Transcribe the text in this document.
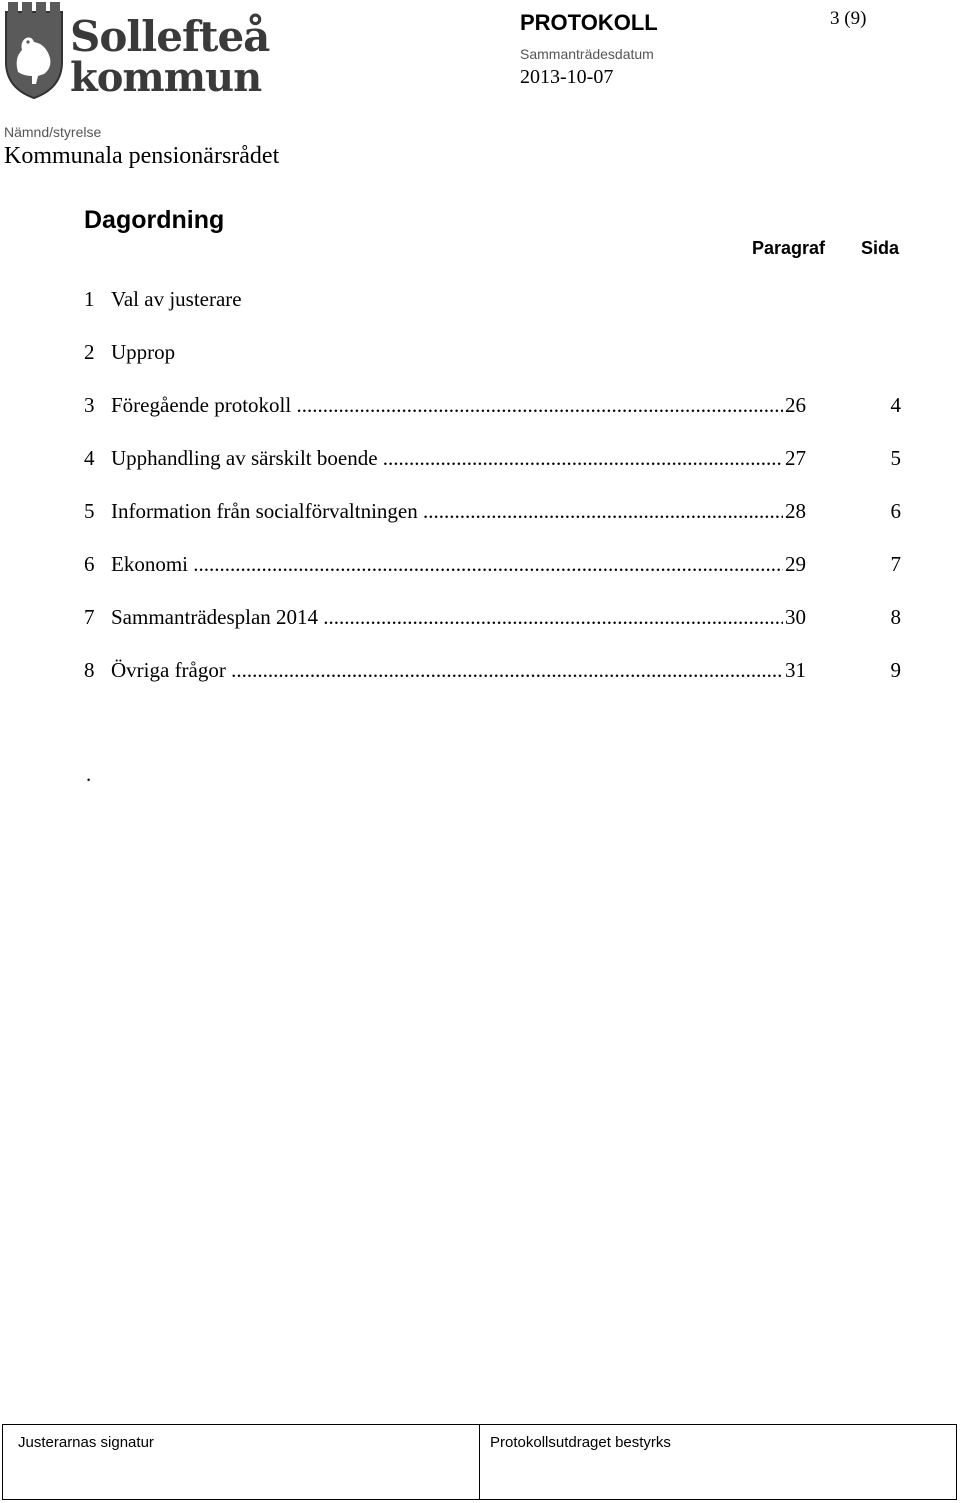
Sollefteå
kommun
PROTOKOLL
Sammanträdesdatum
2013-10-07
3 (9)
Nämnd/styrelse
Kommunala pensionärsrådet
Dagordning
Paragraf Sida
1 Val av justerare
2 Upprop
3 Föregående protokoll .....	26	4
4 Upphandling av särskilt boende .....	27	5
5 Information från socialförvaltningen .....	28	6
6 Ekonomi .....	29	7
7 Sammanträdesplan 2014 .....	30	8
8 Övriga frågor .....	31	9
.
Justerarnas signatur	Protokollsutdraget bestyrks
